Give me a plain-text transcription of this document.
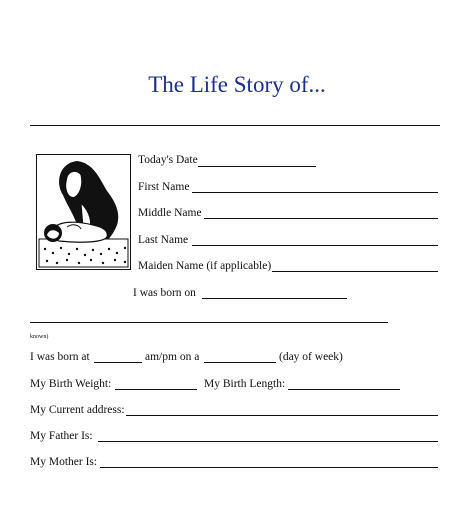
The Life Story of...
Today's Date
First Name
Middle Name
Last Name
Maiden Name (if applicable)
I was born on
known)
I was born at	am/pm on a	(day of week)
My Birth Weight:	My Birth Length:
My Current address:
My Father Is:
My Mother Is:
